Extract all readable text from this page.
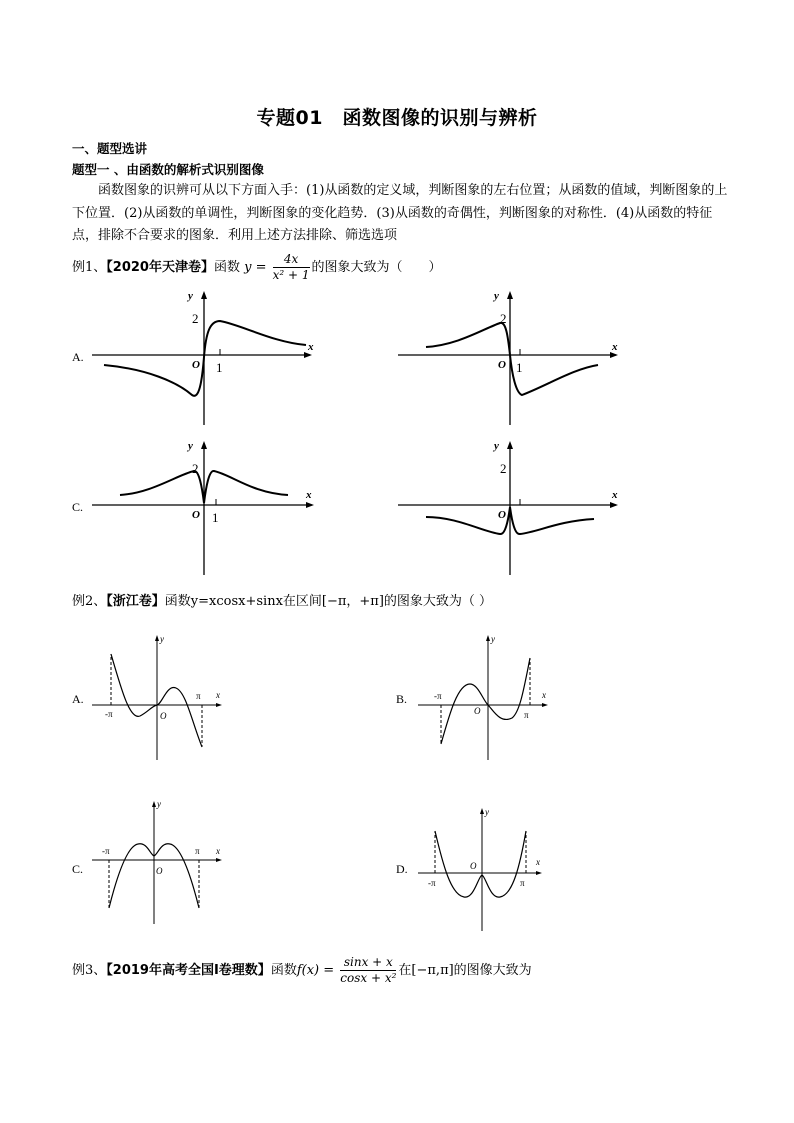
专题01　函数图像的识别与辨析
一、题型选讲
题型一 、由函数的解析式识别图像
函数图象的识辨可从以下方面入手：(1)从函数的定义域，判断图象的左右位置；从函数的值域，判断图象的上下位置．(2)从函数的单调性，判断图象的变化趋势．(3)从函数的奇偶性，判断图象的对称性．(4)从函数的特征点，排除不合要求的图象．利用上述方法排除、筛选选项
例1、【2020年天津卷】函数 $y = \frac{4x}{\text{x² + 1}}$ 的图象大致为（　　）
A.
x
y
2
O 1
x
y
2
O 1
C.
x
y
2
O 1
x
y
2
O
例2、【浙江卷】函数y=xcosx+sinx在区间[−π，+π]的图象大致为（ ）
A.	x
y
O
-π
π	B.	x
y
O
-π
π
C.
x
y
O
-π	π
D.	x
y
O
-π	π
例3、【2019年高考全国Ⅰ卷理数】函数$f(x) = \frac{\sin x + x}{\text{cosx + x²}}$ 在[−π,π]的图像大致为
